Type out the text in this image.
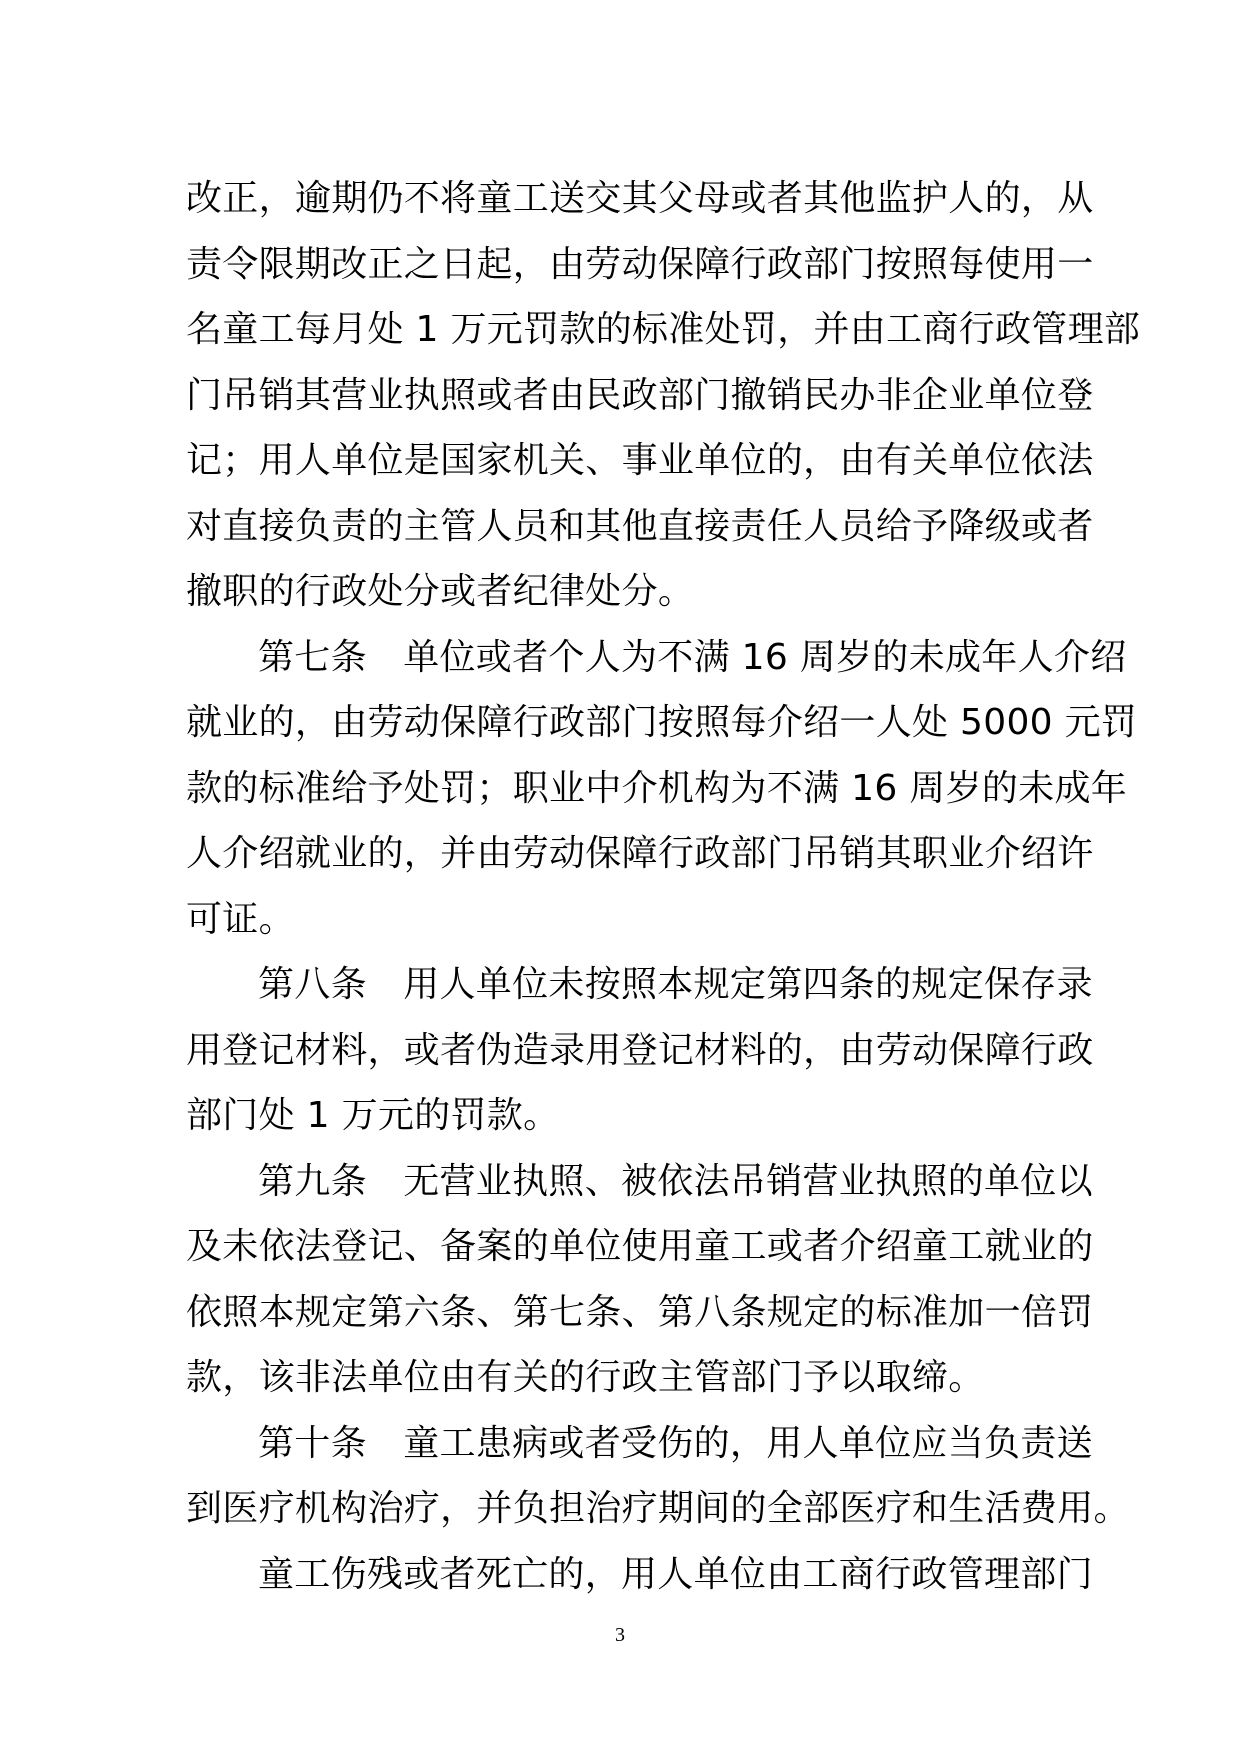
改正，逾期仍不将童工送交其父母或者其他监护人的，从
责令限期改正之日起，由劳动保障行政部门按照每使用一
名童工每月处 1 万元罚款的标准处罚，并由工商行政管理部
门吊销其营业执照或者由民政部门撤销民办非企业单位登
记；用人单位是国家机关、事业单位的，由有关单位依法
对直接负责的主管人员和其他直接责任人员给予降级或者
撤职的行政处分或者纪律处分。

第七条　单位或者个人为不满 16 周岁的未成年人介绍
就业的，由劳动保障行政部门按照每介绍一人处 5000 元罚
款的标准给予处罚；职业中介机构为不满 16 周岁的未成年
人介绍就业的，并由劳动保障行政部门吊销其职业介绍许
可证。

第八条　用人单位未按照本规定第四条的规定保存录
用登记材料，或者伪造录用登记材料的，由劳动保障行政
部门处 1 万元的罚款。

第九条　无营业执照、被依法吊销营业执照的单位以
及未依法登记、备案的单位使用童工或者介绍童工就业的
依照本规定第六条、第七条、第八条规定的标准加一倍罚
款，该非法单位由有关的行政主管部门予以取缔。

第十条　童工患病或者受伤的，用人单位应当负责送
到医疗机构治疗，并负担治疗期间的全部医疗和生活费用。

童工伤残或者死亡的，用人单位由工商行政管理部门

3
